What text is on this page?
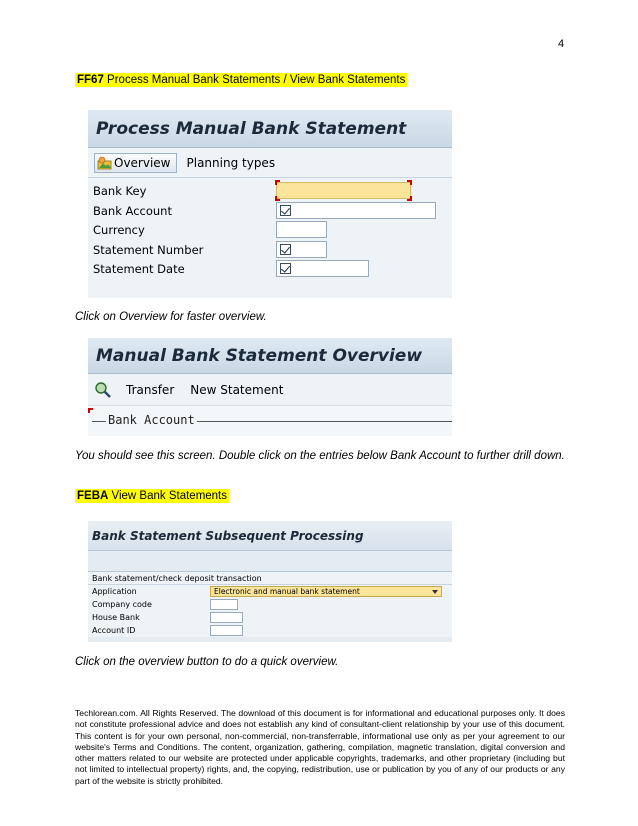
4
FF67 Process Manual Bank Statements / View Bank Statements
Process Manual Bank Statement
Overview Planning types
Bank Key
Bank Account
Currency
Statement Number
Statement Date
Click on Overview for faster overview.
Manual Bank Statement Overview
Transfer New Statement
Bank Account
You should see this screen. Double click on the entries below Bank Account to further drill down.
FEBA View Bank Statements
Bank Statement Subsequent Processing
Bank statement/check deposit transaction
Application	Electronic and manual bank statement
Company code
House Bank
Account ID
Click on the overview button to do a quick overview.
Techlorean.com. All Rights Reserved. The download of this document is for informational and educational purposes only. It does not constitute professional advice and does not establish any kind of consultant-client relationship by your use of this document. This content is for your own personal, non-commercial, non-transferrable, informational use only as per your agreement to our website's Terms and Conditions. The content, organization, gathering, compilation, magnetic translation, digital conversion and other matters related to our website are protected under applicable copyrights, trademarks, and other proprietary (including but not limited to intellectual property) rights, and, the copying, redistribution, use or publication by you of any of our products or any part of the website is strictly prohibited.
